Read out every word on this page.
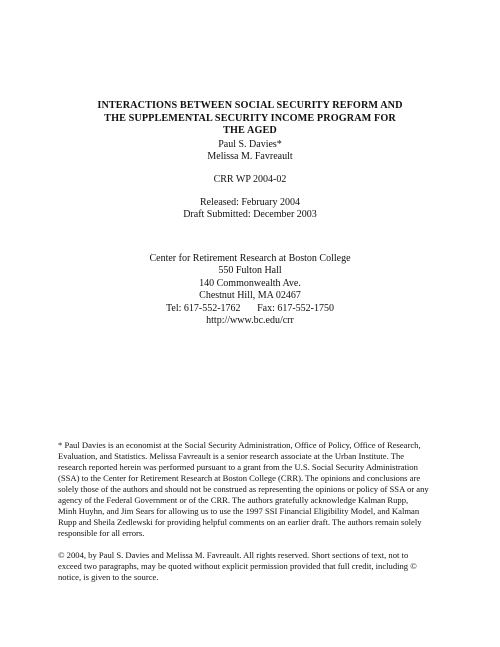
INTERACTIONS BETWEEN SOCIAL SECURITY REFORM AND
THE SUPPLEMENTAL SECURITY INCOME PROGRAM FOR
THE AGED
Paul S. Davies*
Melissa M. Favreault
CRR WP 2004-02
Released: February 2004
Draft Submitted: December 2003
Center for Retirement Research at Boston College
550 Fulton Hall
140 Commonwealth Ave.
Chestnut Hill, MA 02467
Tel: 617-552-1762 Fax: 617-552-1750
http://www.bc.edu/crr
* Paul Davies is an economist at the Social Security Administration, Office of Policy, Office of Research,
Evaluation, and Statistics. Melissa Favreault is a senior research associate at the Urban Institute. The
research reported herein was performed pursuant to a grant from the U.S. Social Security Administration
(SSA) to the Center for Retirement Research at Boston College (CRR). The opinions and conclusions are
solely those of the authors and should not be construed as representing the opinions or policy of SSA or any
agency of the Federal Government or of the CRR. The authors gratefully acknowledge Kalman Rupp,
Minh Huyhn, and Jim Sears for allowing us to use the 1997 SSI Financial Eligibility Model, and Kalman
Rupp and Sheila Zedlewski for providing helpful comments on an earlier draft. The authors remain solely
responsible for all errors.
© 2004, by Paul S. Davies and Melissa M. Favreault. All rights reserved. Short sections of text, not to
exceed two paragraphs, may be quoted without explicit permission provided that full credit, including ©
notice, is given to the source.
